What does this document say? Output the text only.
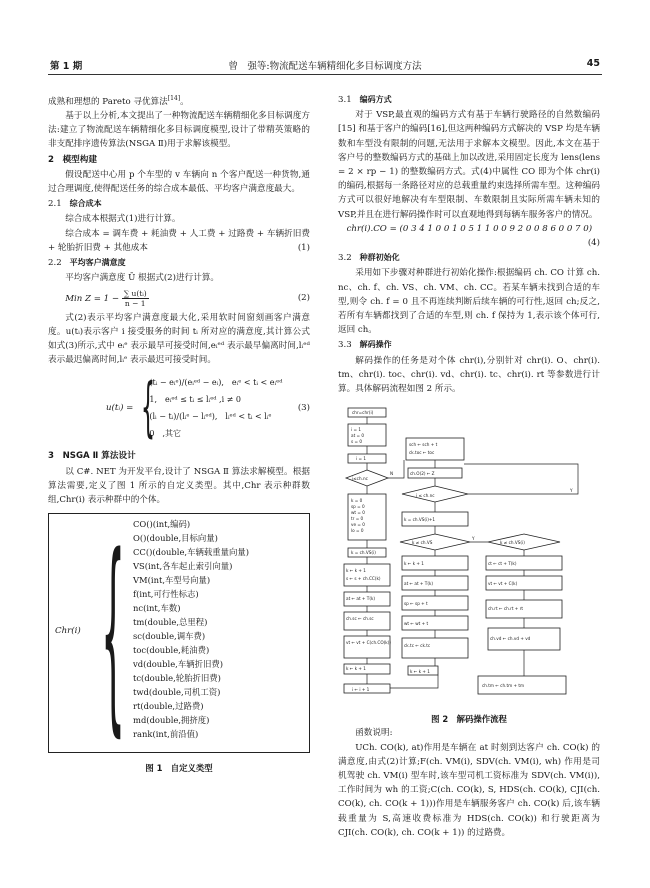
第 1 期	曾　强等:物流配送车辆精细化多目标调度方法	45

成熟和理想的 Pareto 寻优算法[14]。

基于以上分析,本文提出了一种物流配送车辆精细化多目标调度方法:建立了物流配送车辆精细化多目标调度模型,设计了带精英策略的非支配排序遗传算法(NSGA Ⅱ)用于求解该模型。

2　模型构建

假设配送中心用 p 个车型的 v 车辆向 n 个客户配送一种货物,通过合理调度,使得配送任务的综合成本最低、平均客户满意度最大。

2.1 综合成本

综合成本根据式(1)进行计算。

综合成本 = 调车费 + 耗油费 + 人工费 + 过路费 + 车辆折旧费 + 轮胎折旧费 + 其他成本	(1)

2.2 平均客户满意度

平均客户满意度 Ū 根据式(2)进行计算。

Min $Z = 1 - \frac{\text{∑ u(tᵢ)}}{n - 1}$	(2)

式(2)表示平均客户满意度最大化,采用软时间窗刻画客户满意度。u(tᵢ)表示客户 i 接受服务的时间 tᵢ 所对应的满意度,其计算公式如式(3)所示,式中 eᵢᵉ 表示最早可接受时间,eᵢᵉᵈ 表示最早偏离时间,lᵢᵉᵈ 表示最迟偏离时间,lᵢᵉ 表示最迟可接受时间。

u(tᵢ) = {
(tᵢ − eᵢᵉ)/(eᵢᵉᵈ − eᵢ),　eᵢᵉ < tᵢ < eᵢᵉᵈ
1,　eᵢᵉᵈ ≤ tᵢ ≤ lᵢᵉᵈ ,i ≠ 0
(lᵢ − tᵢ)/(lᵢᵉ − lᵢᵉᵈ),　lᵢᵉᵈ < tᵢ < lᵢᵉ
0　,其它
(3)
3　NSGA Ⅱ 算法设计

以 C#. NET 为开发平台,设计了 NSGA Ⅱ 算法求解模型。根据算法需要,定义了图 1 所示的自定义类型。其中,Chr 表示种群数组,Chr(i) 表示种群中的个体。

Chr(i) { CO()(int,编码)
O()(double,目标向量)
CC()(double,车辆载重量向量)
VS(int,各车起止索引向量)
VM(int,车型号向量)
f(int,可行性标志)
nc(int,车数)
tm(double,总里程)
sc(double,调车费)
toc(double,耗油费)
vd(double,车辆折旧费)
tc(double,轮胎折旧费)
twd(double,司机工资)
rt(double,过路费)
md(double,拥挤度)
rank(int,前沿值)
图 1　自定义类型
3.1 编码方式

对于 VSP,最直观的编码方式有基于车辆行驶路径的自然数编码[15] 和基于客户的编码[16],但这两种编码方式解决的 VSP 均是车辆数和车型没有限制的问题,无法用于求解本文模型。因此,本文在基于客户号的整数编码方式的基础上加以改进,采用固定长度为 lens(lens = 2 × rp − 1) 的整数编码方式。式(4)中属性 CO 即为个体 chr(i) 的编码,根据每一条路径对应的总载重量约束选择所需车型。这种编码方式可以很好地解决有车型限制、车数限制且实际所需车辆未知的 VSP,并且在进行解码操作时可以直观地得到每辆车服务客户的情况。

chr(i).CO = (0 3 4 1 0 0 1 0 5 1 1 0 0 9 2 0 0 8 6 0 0 7 0)
(4)
3.2 种群初始化

采用如下步骤对种群进行初始化操作:根据编码 ch. CO 计算 ch. nc、ch. f、ch. VS、ch. VM、ch. CC。若某车辆未找到合适的车型,则令 ch. f = 0 且不再连续判断后续车辆的可行性,返回 ch;反之,若所有车辆都找到了合适的车型,则 ch. f 保持为 1,表示该个体可行,返回 ch。

3.3 解码操作

解码操作的任务是对个体 chr(i),分别针对 chr(i). O、chr(i). tm、chr(i). toc、chr(i). vd、chr(i). tc、chr(i). rt 等参数进行计算。具体解码流程如图 2 所示。

chr=chr(i)
i = 1
at = 0
s = 0
i = 1
i≤ch.nc
N
k = 0
sp = 0
wt = 0
tr = 0
ve = 0
lo = 0
k = ch.VS(i)
k ← k + 1
s ← s + ch.CC(k)
at ← at + T(k)
ch.sc ← ch.sc
vt ← vt + C(ch.CO(k))
k ← k + 1
sch ← sch + t
ck.toc ← toc
ch.O(2) ← Z
i ≤ ch.nc
k = ch.VS(i)+1
k ≠ ch.VS
k ← k + 1
at ← at + T(k)
sp ← sp + t
wt ← wt + t
ck.tc ← ck.tc
k ← k + 1
k ≠ ch.VS(i)
ct ← ct + T(k)
vt ← vt + C(k)
ch.rt ← ch.rt + rt
ch.vd ← ch.vd + vd
i ← i + 1
ch.tm ← ch.tm + tm
Y
Y
图 2　解码操作流程

函数说明:

UCh. CO(k), at)作用是车辆在 at 时刻到达客户 ch. CO(k) 的满意度,由式(2)计算;F(ch. VM(i), SDV(ch. VM(i), wh) 作用是司机驾驶 ch. VM(i) 型车时,该车型司机工资标准为 SDV(ch. VM(i)),工作时间为 wh 的工资;C(ch. CO(k), S, HDS(ch. CO(k), CJI(ch. CO(k), ch. CO(k + 1)))作用是车辆服务客户 ch. CO(k) 后,该车辆载重量为 S,高速收费标准为 HDS(ch. CO(k)) 和行驶距离为 CJI(ch. CO(k), ch. CO(k + 1)) 的过路费。
